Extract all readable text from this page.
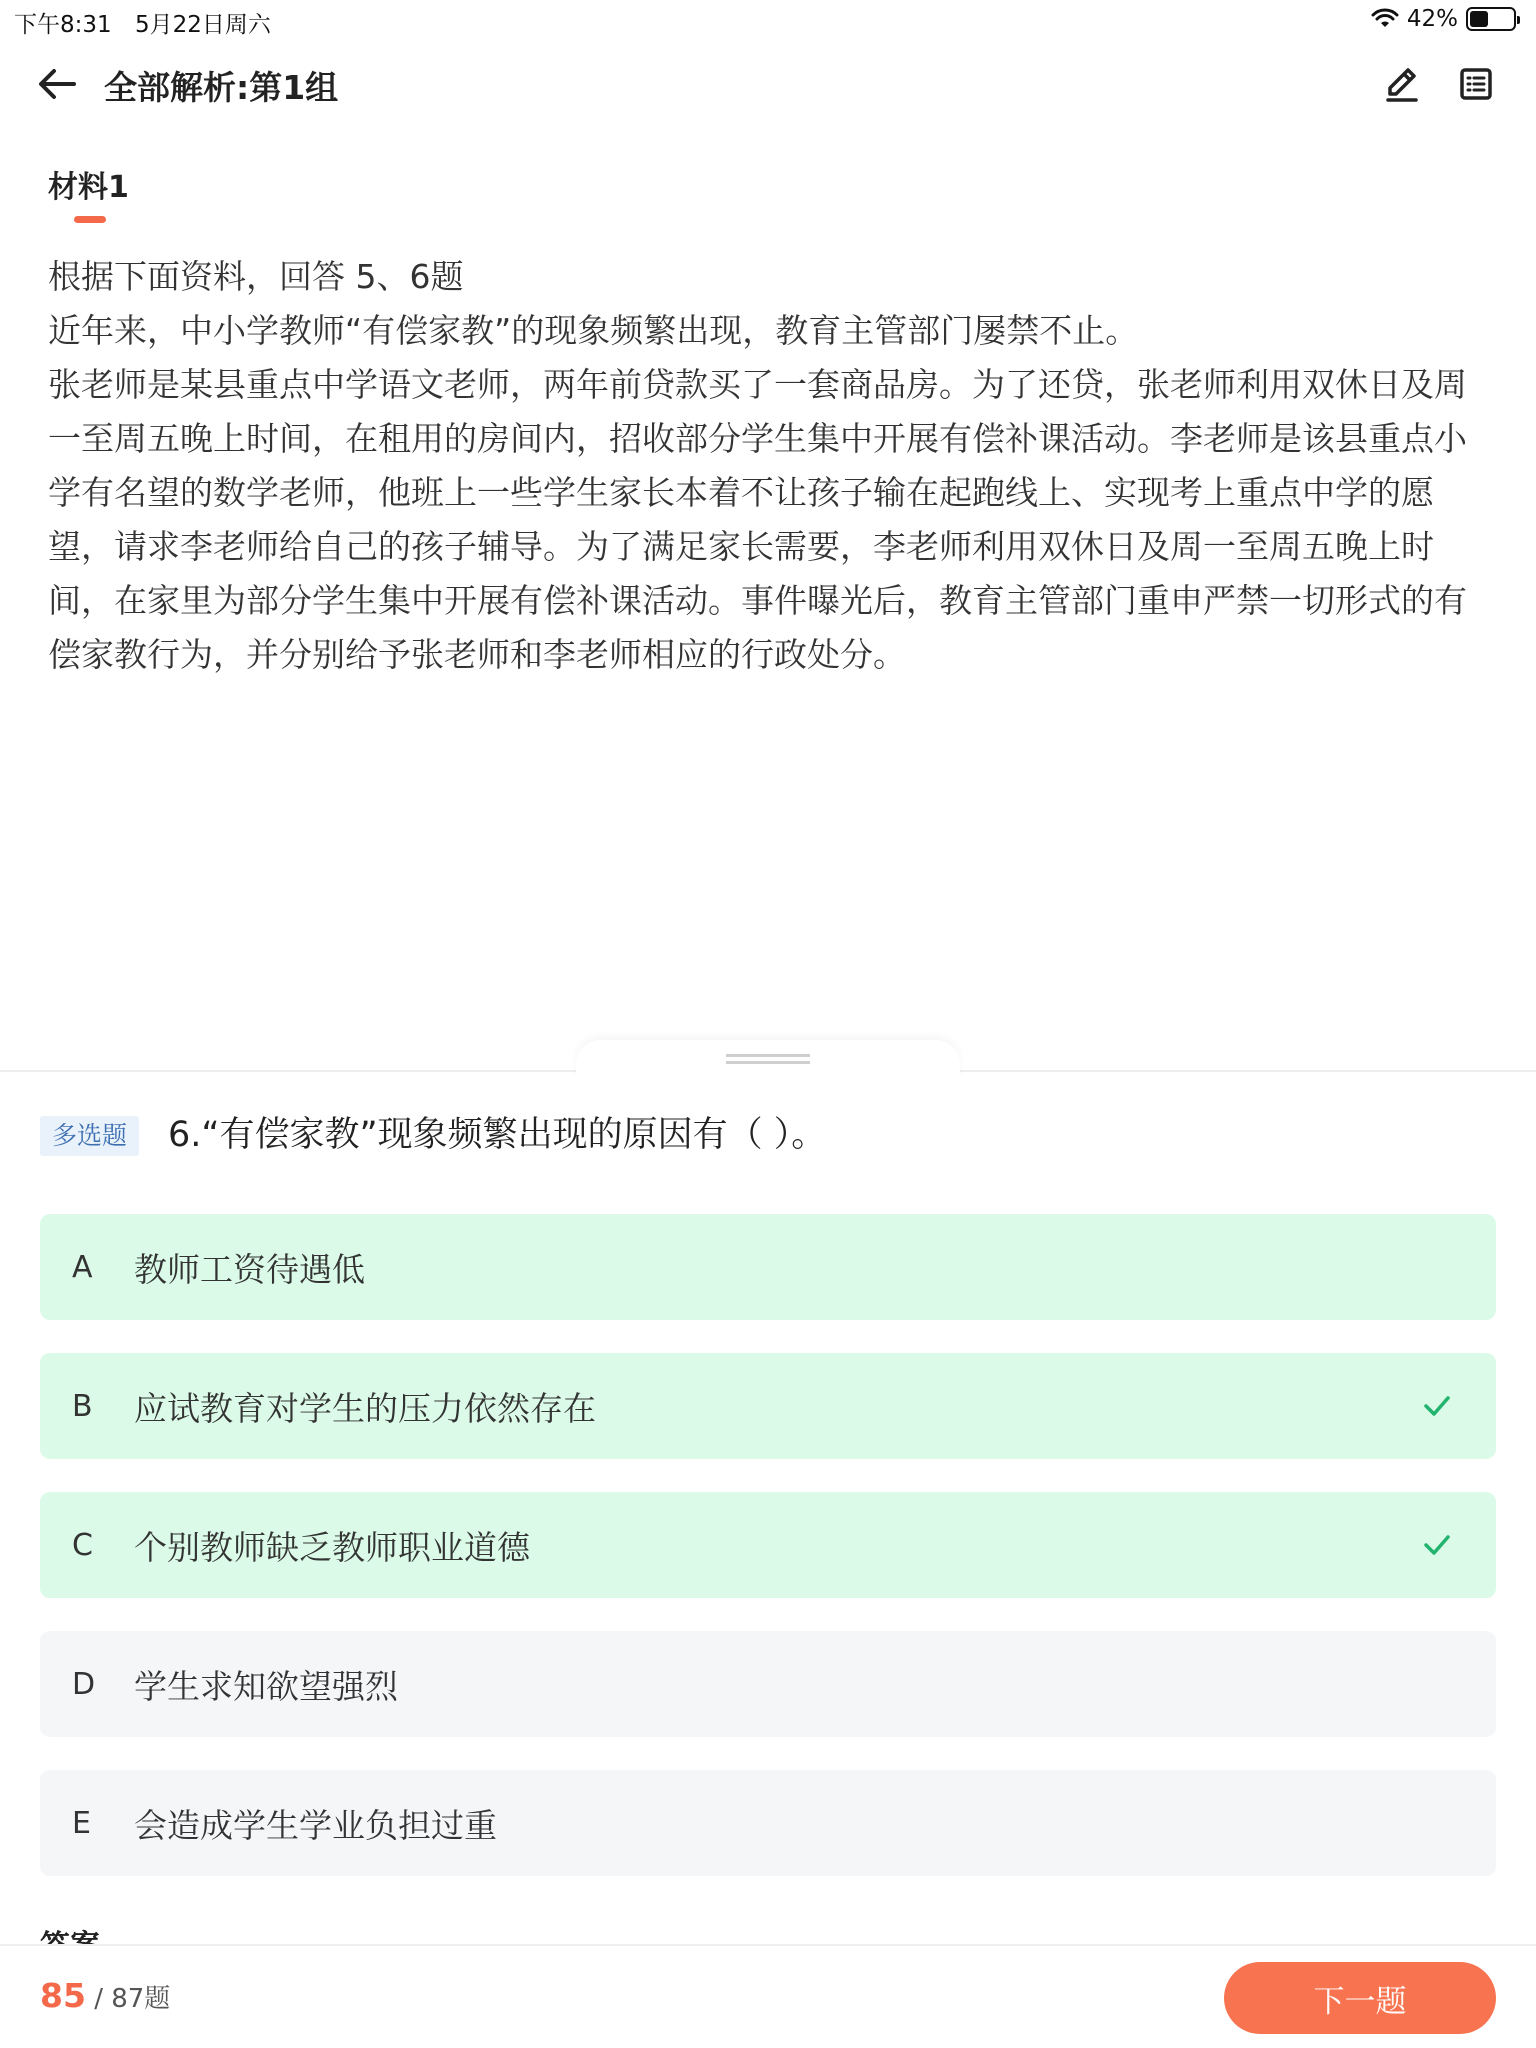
下午8:31 5月22日周六	42%
全部解析:第1组
材料1

根据下面资料，回答 5、6题

近年来，中小学教师“有偿家教”的现象频繁出现，教育主管部门屡禁不止。

张老师是某县重点中学语文老师，两年前贷款买了一套商品房。为了还贷，张老师利用双休日及周一至周五晚上时间，在租用的房间内，招收部分学生集中开展有偿补课活动。李老师是该县重点小学有名望的数学老师，他班上一些学生家长本着不让孩子输在起跑线上、实现考上重点中学的愿望，请求李老师给自己的孩子辅导。为了满足家长需要，李老师利用双休日及周一至周五晚上时间，在家里为部分学生集中开展有偿补课活动。事件曝光后，教育主管部门重申严禁一切形式的有偿家教行为，并分别给予张老师和李老师相应的行政处分。

多选题	6.“有偿家教”现象频繁出现的原因有（ ）。
A	教师工资待遇低
B	应试教育对学生的压力依然存在
C	个别教师缺乏教师职业道德
D	学生求知欲望强烈
E	会造成学生学业负担过重
85 / 87题	下一题
